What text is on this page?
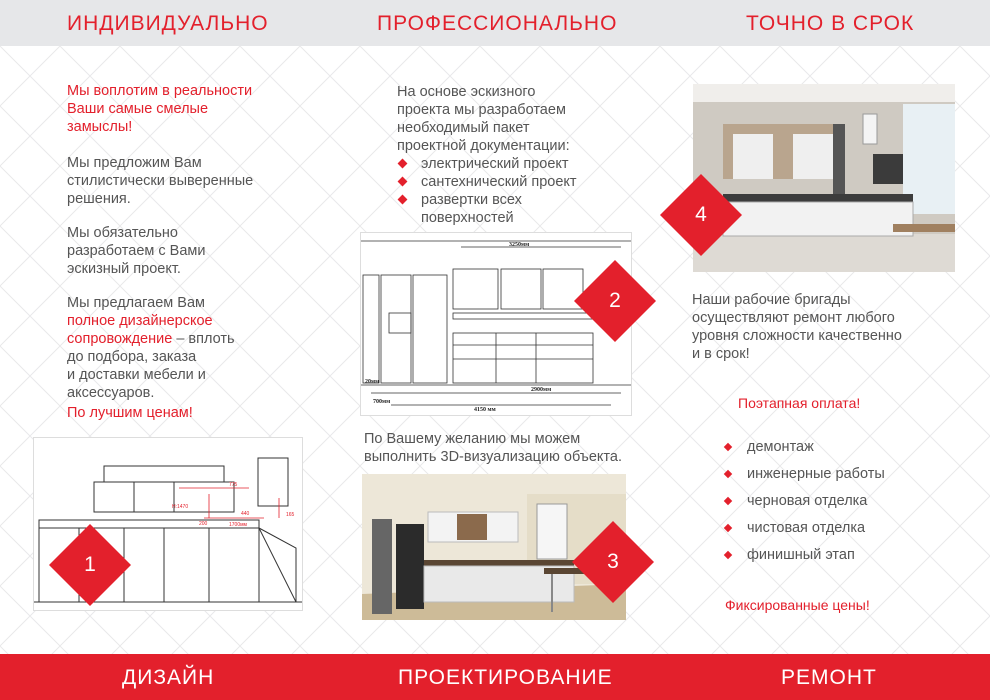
ИНДИВИДУАЛЬНО	ПРОФЕССИОНАЛЬНО	ТОЧНО В СРОК
Мы воплотим в реальности
Ваши самые смелые
замыслы!
Мы предложим Вам
стилистически выверенные
решения.
Мы обязательно
разработаем с Вами
эскизный проект.
Мы предлагаем Вам
полное дизайнерское
сопровождение – вплоть
до подбора, заказа
и доставки мебели и
аксессуаров.
По лучшим ценам!
775
H:1470
440	165
200	1700мм
1
На основе эскизного
проекта мы разработаем
необходимый пакет
проектной документации:
электрический проект
сантехнический проект
развертки всех
поверхностей
3250мм
2900мм
700мм
4150 мм
20мм
2
По Вашему желанию мы можем
выполнить 3D-визуализацию объекта.
3
4
Наши рабочие бригады
осуществляют ремонт любого
уровня сложности качественно
и в срок!
Поэтапная оплата!
демонтаж
инженерные работы
черновая отделка
чистовая отделка
финишный этап
Фиксированные цены!
ДИЗАЙН	ПРОЕКТИРОВАНИЕ	РЕМОНТ
